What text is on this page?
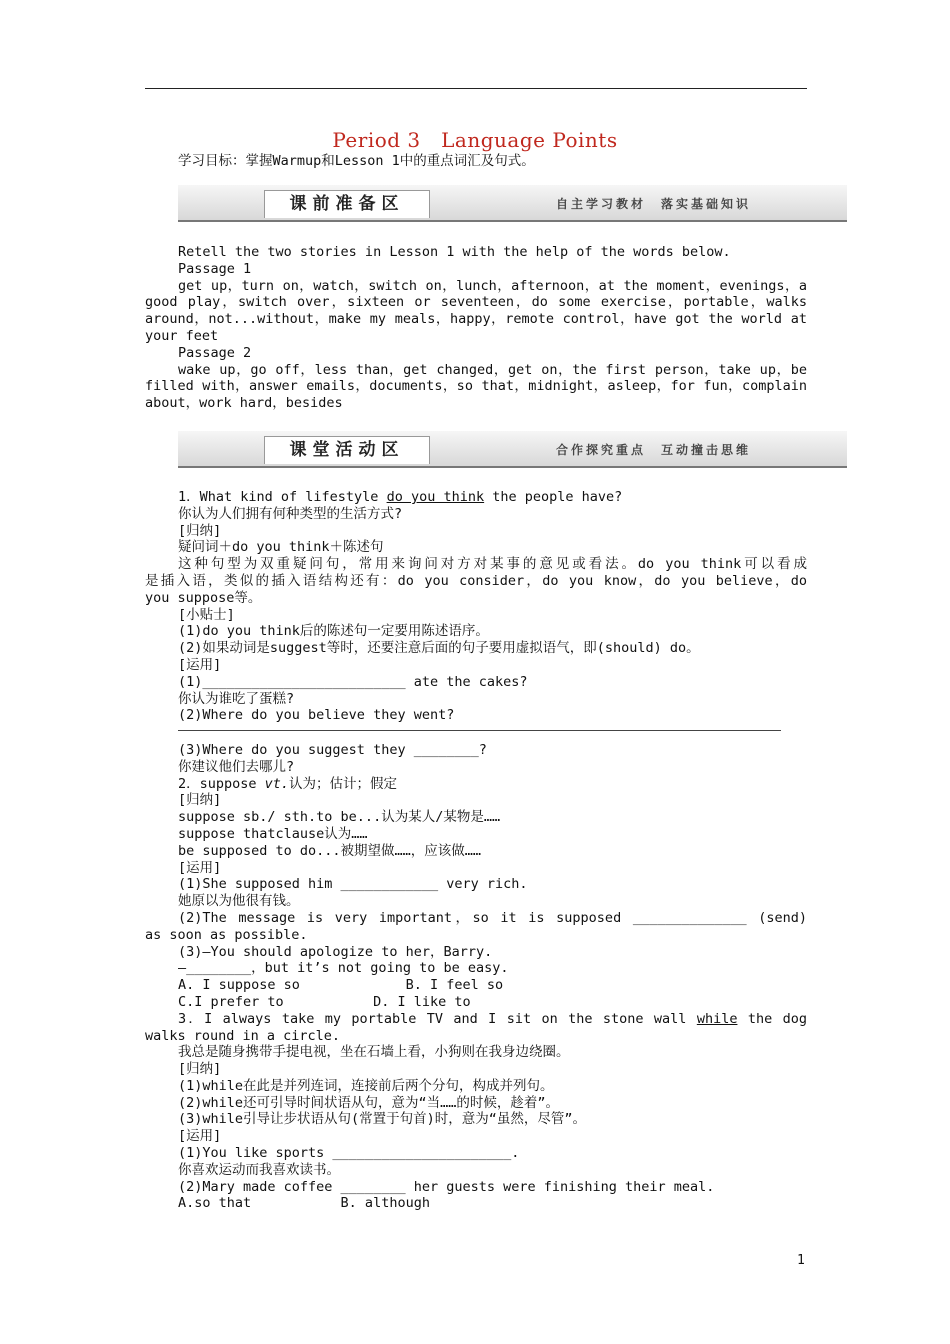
Period 3　Language Points
学习目标：掌握Warmup和Lesson 1中的重点词汇及句式。
课前准备区	自主学习教材　落实基础知识
Retell the two stories in Lesson 1 with the help of the words below.
Passage 1
get up，turn on，watch，switch on，lunch，afternoon，at the moment，evenings，a
good play，switch over，sixteen or seventeen，do some exercise，portable，walks
around，not...without，make my meals，happy，remote control，have got the world at
your feet
Passage 2
wake up，go off，less than，get changed，get on，the first person，take up，be
filled with，answer emails，documents，so that，midnight，asleep，for fun，complain
about，work hard，besides
课堂活动区	合作探究重点　互动撞击思维
1．What kind of lifestyle do you think the people have?
你认为人们拥有何种类型的生活方式?
[归纳]
疑问词＋do you think＋陈述句
这种句型为双重疑问句，常用来询问对方对某事的意见或看法。do you think可以看成
是插入语，类似的插入语结构还有：do you consider，do you know，do you believe，do
you suppose等。
[小贴士]
(1)do you think后的陈述句一定要用陈述语序。
(2)如果动词是suggest等时，还要注意后面的句子要用虚拟语气，即(should) do。
[运用]
(1)_________________________ ate the cakes?
你认为谁吃了蛋糕?
(2)Where do you believe they went?
(3)Where do you suggest they ________?
你建议他们去哪儿?
2．suppose vt.认为；估计；假定
[归纳]
suppose sb./ sth.to be...认为某人/某物是……
suppose thatclause认为……
be supposed to do...被期望做……，应该做……
[运用]
(1)She supposed him ____________ very rich.
她原以为他很有钱。
(2)The message is very important，so it is supposed ______________ (send)
as soon as possible.
(3)—You should apologize to her，Barry.
—________，but it’s not going to be easy.
A. I suppose so             B. I feel so
C.I prefer to           D. I like to
3．I always take my portable TV and I sit on the stone wall while the dog
walks round in a circle.
我总是随身携带手提电视，坐在石墙上看，小狗则在我身边绕圈。
[归纳]
(1)while在此是并列连词，连接前后两个分句，构成并列句。
(2)while还可引导时间状语从句，意为“当……的时候，趁着”。
(3)while引导让步状语从句(常置于句首)时，意为“虽然，尽管”。
[运用]
(1)You like sports ______________________.
你喜欢运动而我喜欢读书。
(2)Mary made coffee ________ her guests were finishing their meal.
A.so that           B. although
1
